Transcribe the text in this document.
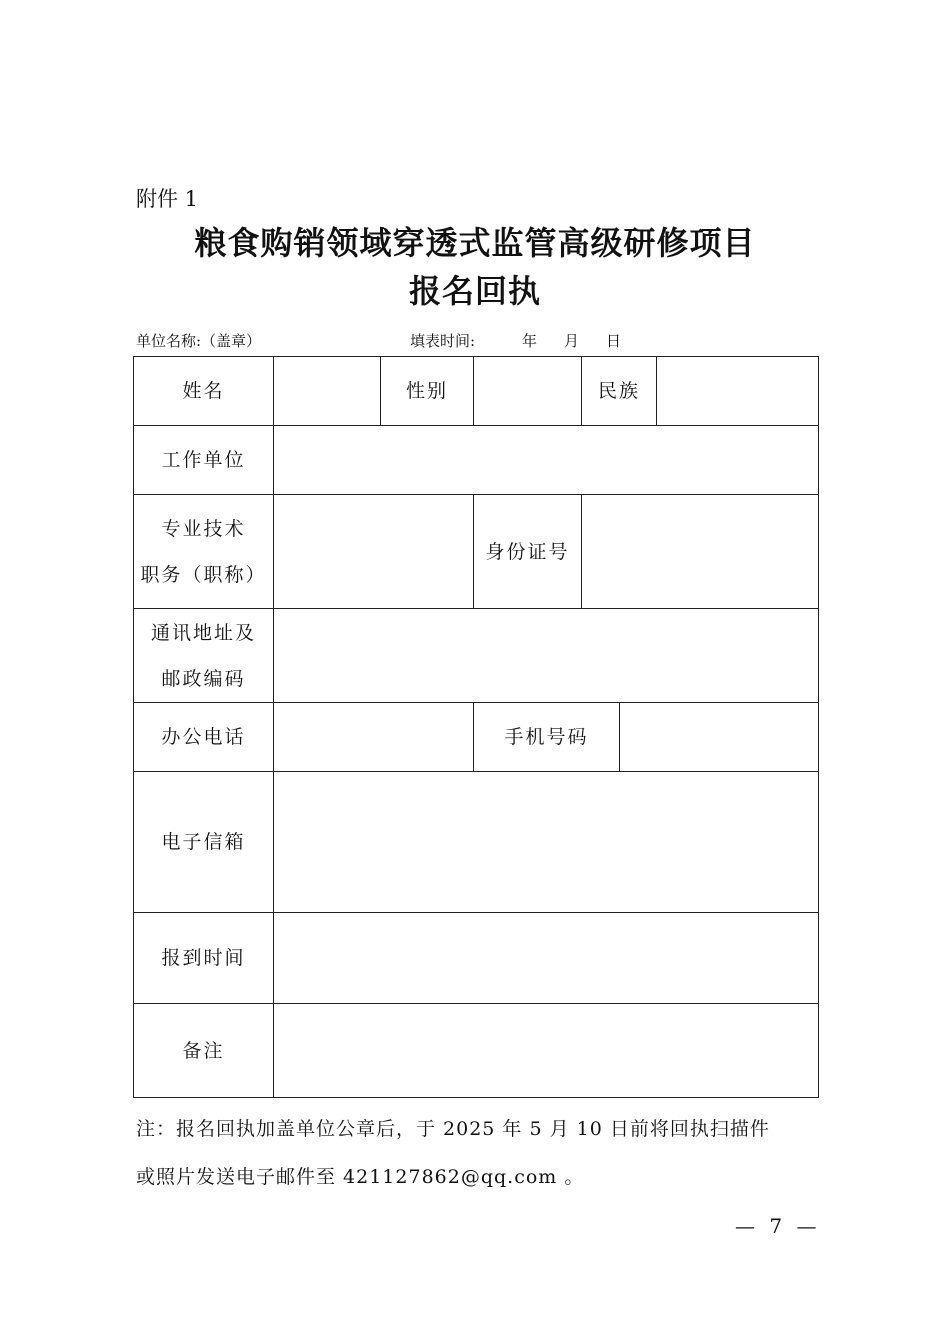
附件 1
粮食购销领域穿透式监管高级研修项目
报名回执
单位名称:（盖章）	填表时间:	年 月 日
姓名		性别		民族		
工作单位						

专业技术
职务（职称）			身份证号			

通讯地址及
邮政编码						

办公电话			手机号码			
电子信箱						
报到时间						
备注						
注：报名回执加盖单位公章后，于 2025 年 5 月 10 日前将回执扫描件
或照片发送电子邮件至 421127862@qq.com 。
— 7 —
